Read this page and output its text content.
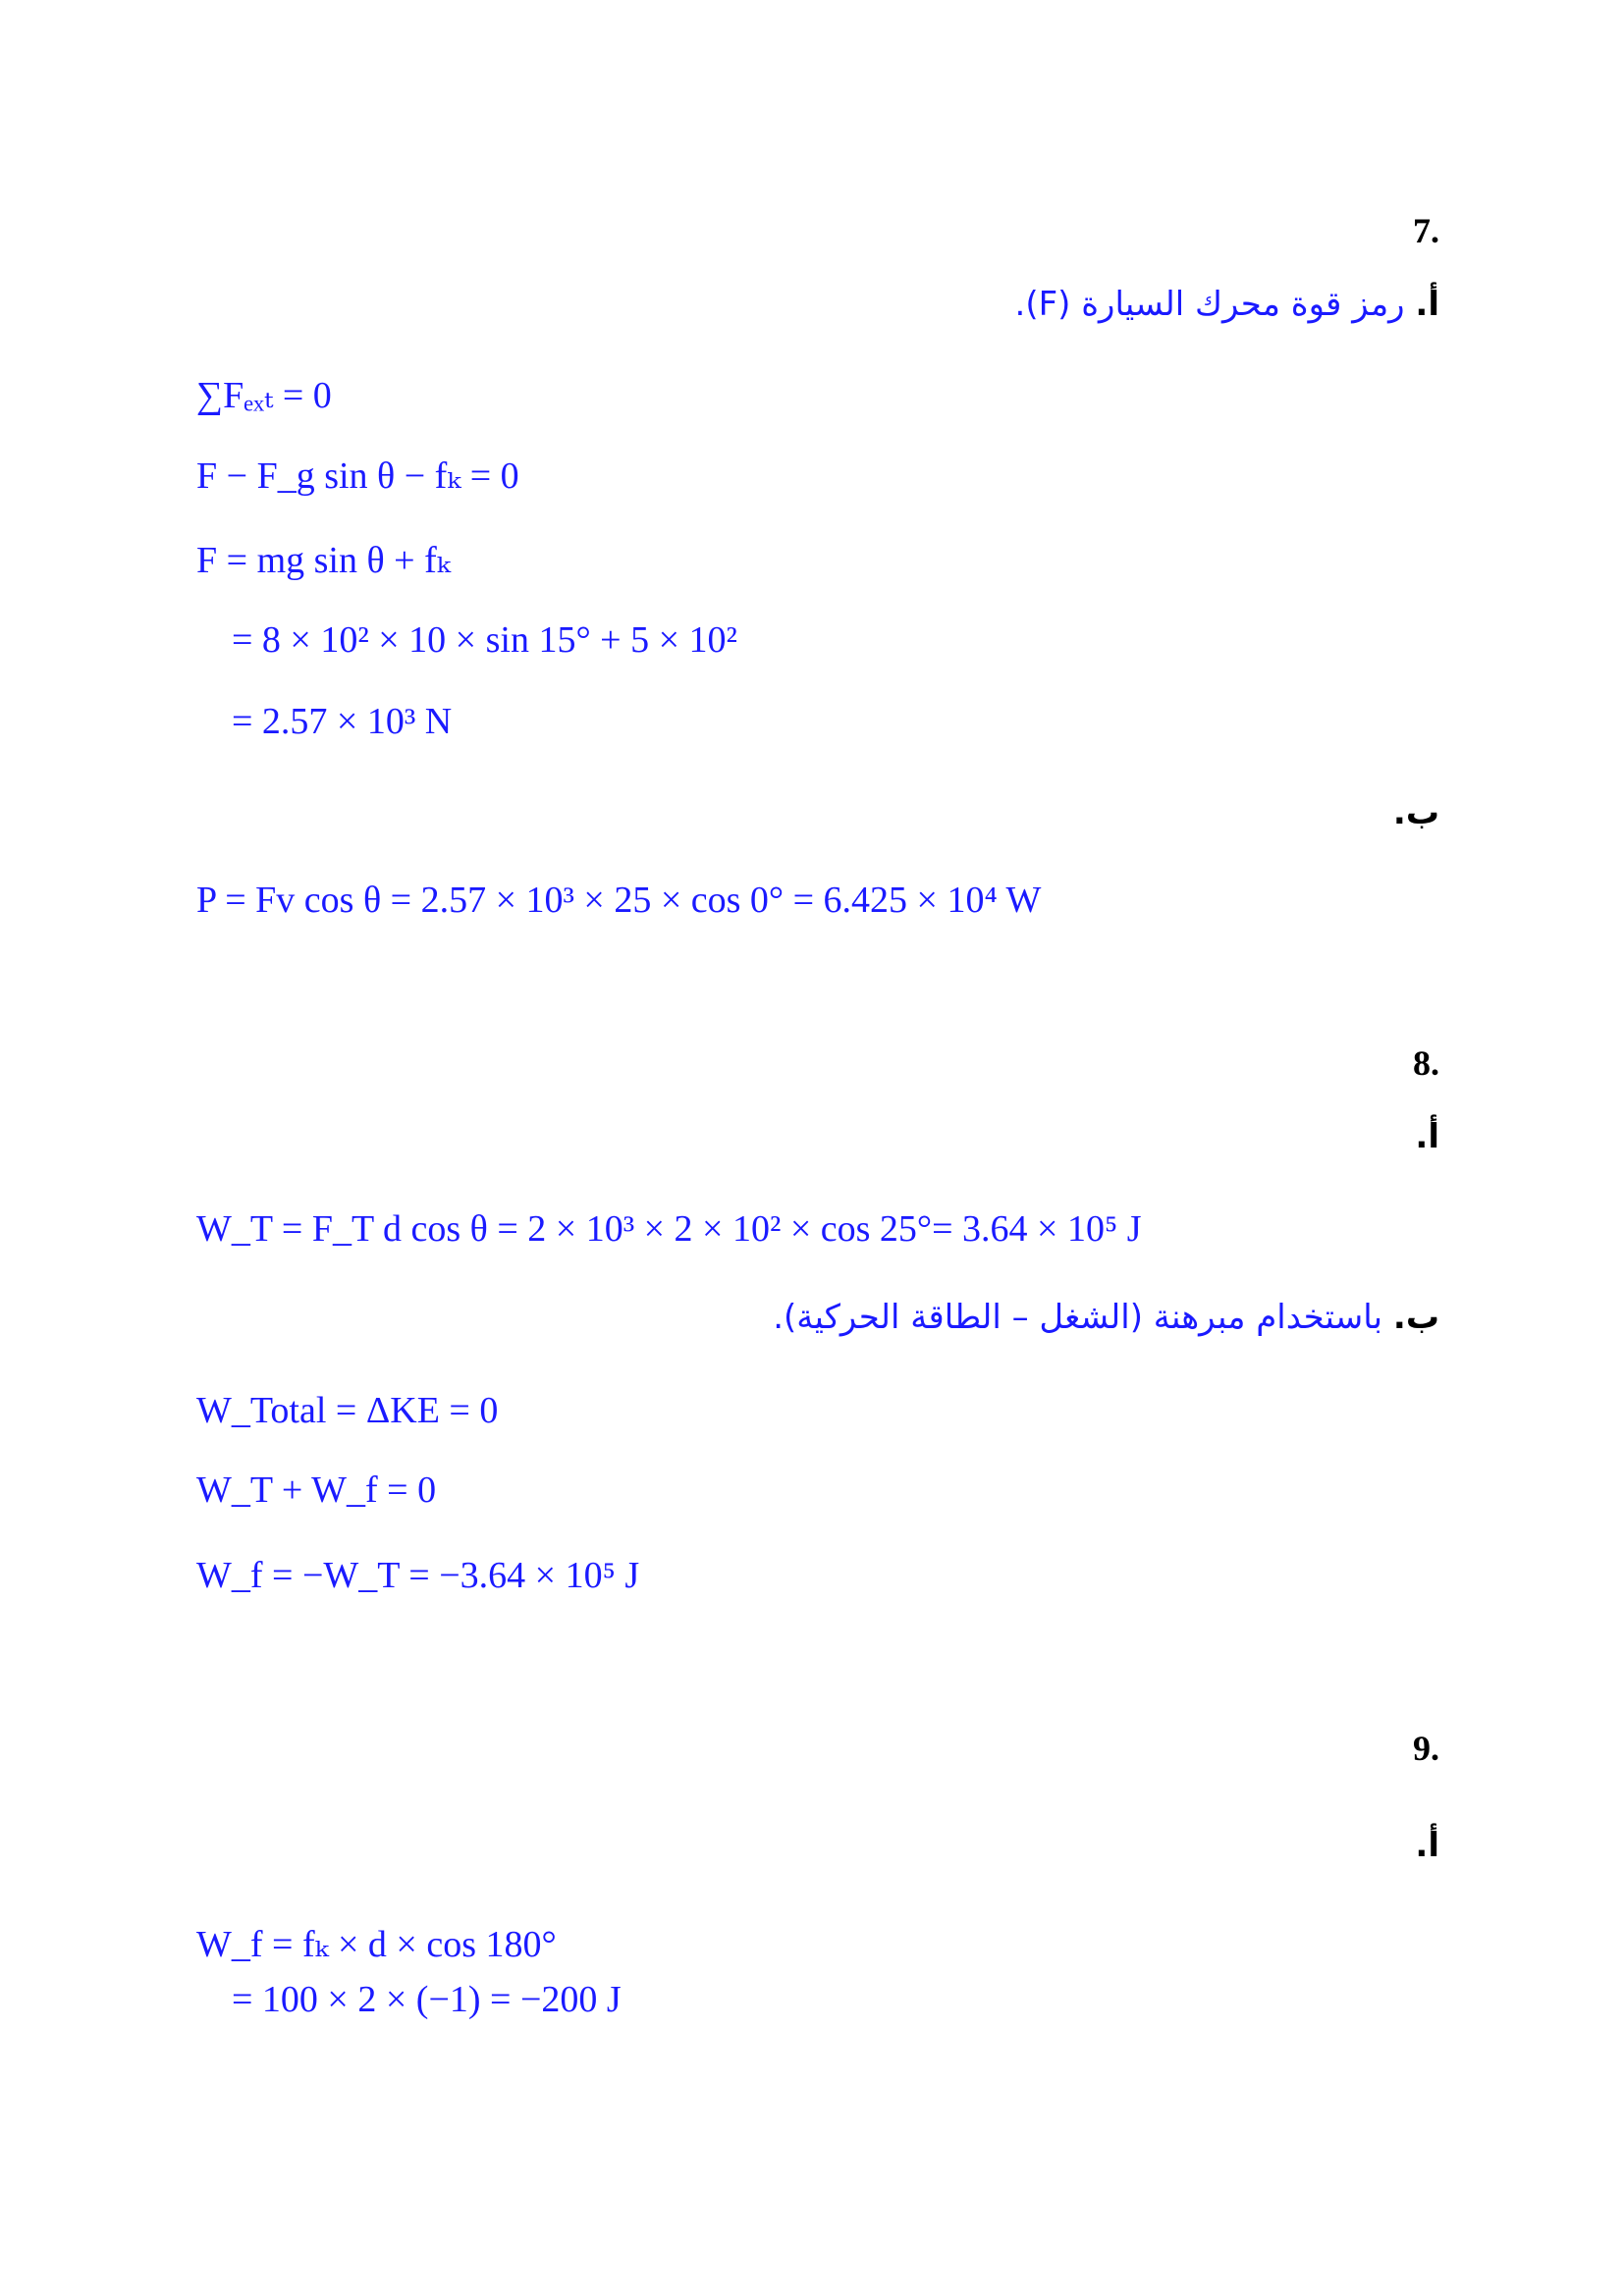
.7
أ. رمز قوة محرك السيارة (F).
∑Fₑₓₜ = 0
F − F_g sin θ − fₖ = 0
F = mg sin θ + fₖ
= 8 × 10² × 10 × sin 15° + 5 × 10²
= 2.57 × 10³ N
ب.
P = Fv cos θ = 2.57 × 10³ × 25 × cos 0° = 6.425 × 10⁴ W
.8
أ.
W_T = F_T d cos θ = 2 × 10³ × 2 × 10² × cos 25°= 3.64 × 10⁵ J
ب. باستخدام مبرهنة (الشغل – الطاقة الحركية).
W_Total = ΔKE = 0
W_T + W_f = 0
W_f = −W_T = −3.64 × 10⁵ J
.9
أ.
W_f = fₖ × d × cos 180°
= 100 × 2 × (−1) = −200 J
